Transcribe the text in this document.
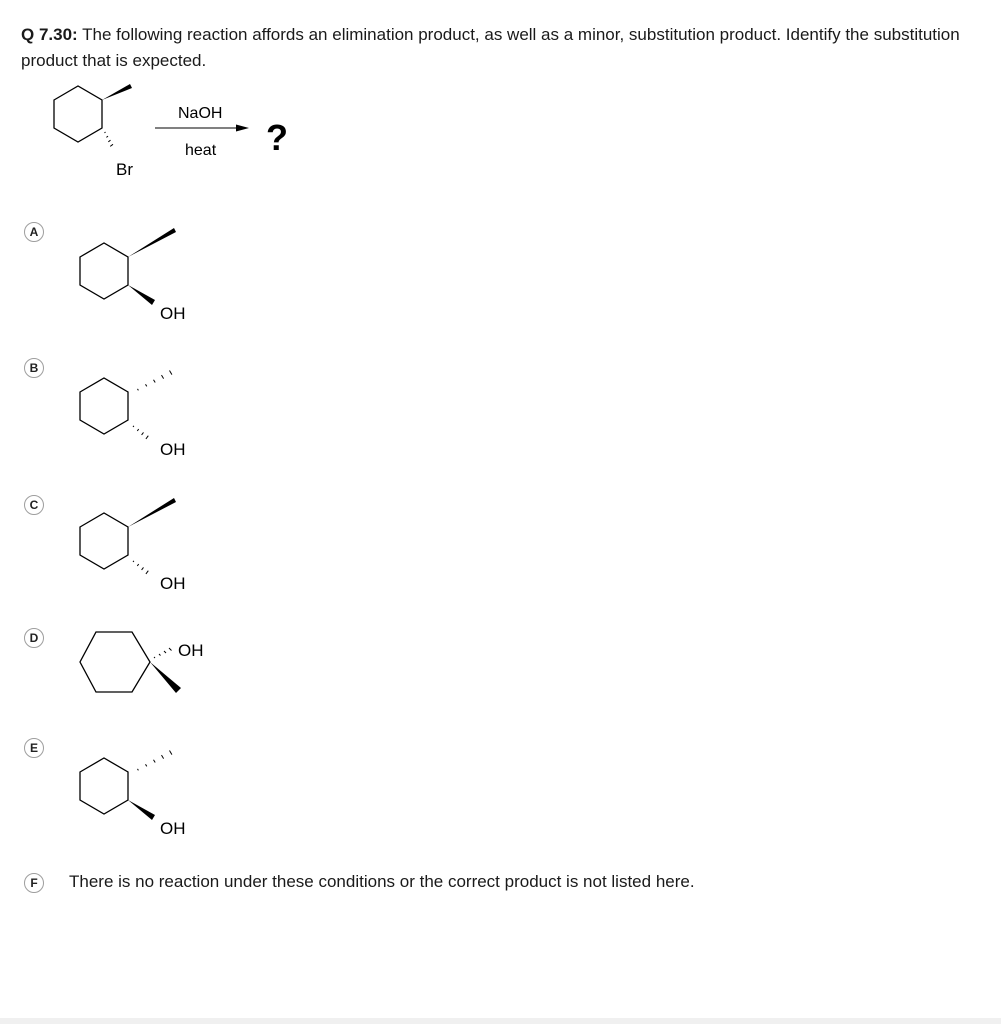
Q 7.30: The following reaction affords an elimination product, as well as a minor, substitution product. Identify the substitution product that is expected.

Br
NaOH
heat ?
A
OH
B
OH
C
OH
D
OH
E
OH
F	There is no reaction under these conditions or the correct product is not listed here.
